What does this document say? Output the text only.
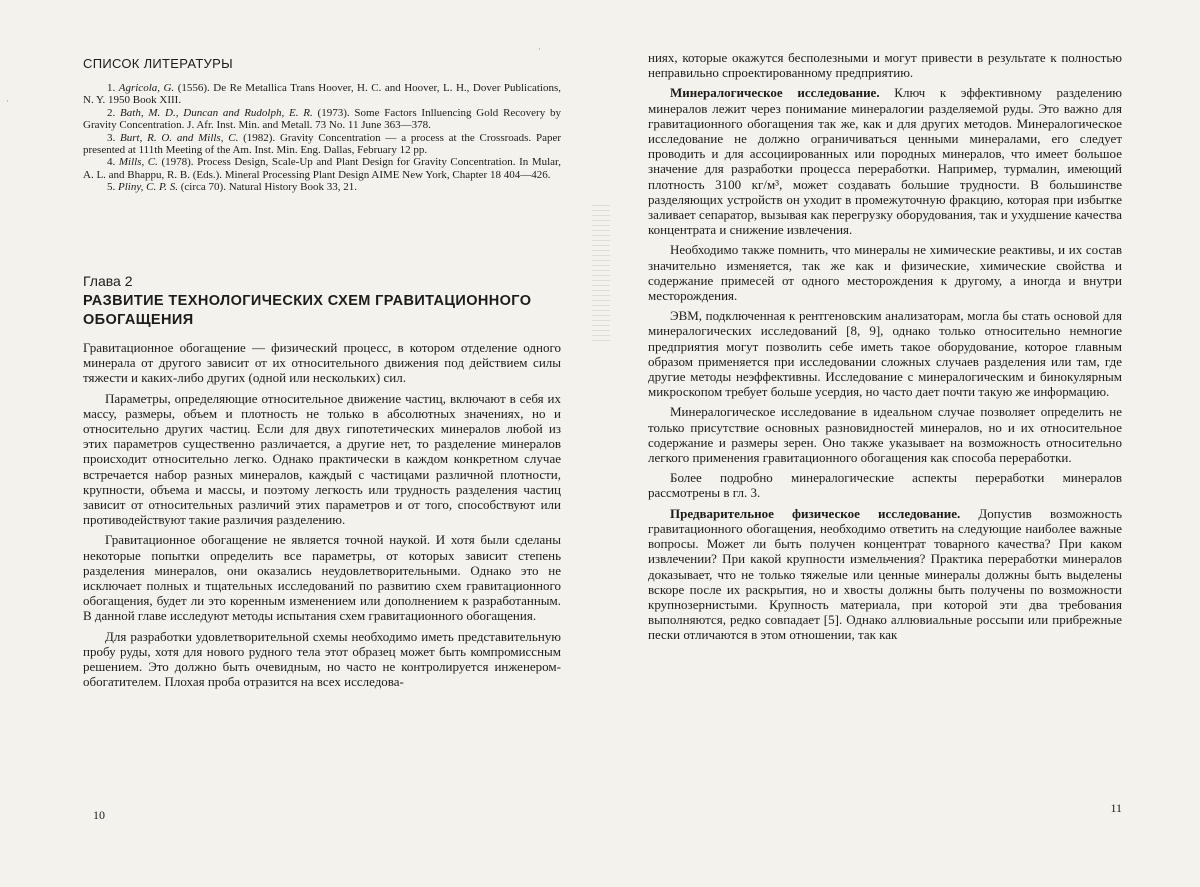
·
·
СПИСОК ЛИТЕРАТУРЫ

1. Agricola, G. (1556). De Re Metallica Trans Hoover, H. C. and Hoover, L. H., Dover Publications, N. Y. 1950 Book XIII.

2. Bath, M. D., Duncan and Rudolph, E. R. (1973). Some Factors Inlluencing Gold Recovery by Gravity Concentration. J. Afr. Inst. Min. and Metall. 73 No. 11 June 363—378.

3. Burt, R. O. and Mills, C. (1982). Gravity Concentration — a process at the Crossroads. Paper presented at 111th Meeting of the Am. Inst. Min. Eng. Dallas, February 12 pp.

4. Mills, C. (1978). Process Design, Scale-Up and Plant Design for Gravity Concentration. In Mular, A. L. and Bhappu, R. B. (Eds.). Mineral Processing Plant Design AIME New York, Chapter 18 404—426.

5. Pliny, C. P. S. (circa 70). Natural History Book 33, 21.

Глава 2
РАЗВИТИЕ ТЕХНОЛОГИЧЕСКИХ СХЕМ ГРАВИТАЦИОННОГО ОБОГАЩЕНИЯ

Гравитационное обогащение — физический процесс, в котором отделение одного минерала от другого зависит от их относительного движения под действием силы тяжести и каких-либо других (одной или нескольких) сил.

Параметры, определяющие относительное движение частиц, включают в себя их массу, размеры, объем и плотность не только в абсолютных значениях, но и относительно других частиц. Если для двух гипотетических минералов любой из этих параметров существенно различается, а другие нет, то разделение минералов происходит относительно легко. Однако практически в каждом конкретном случае встречается набор разных минералов, каждый с частицами различной плотности, крупности, объема и массы, и поэтому легкость или трудность разделения частиц зависит от относительных различий этих параметров и от того, способствуют или противодействуют такие различия разделению.

Гравитационное обогащение не является точной наукой. И хотя были сделаны некоторые попытки определить все параметры, от которых зависит степень разделения минералов, они оказались неудовлетворительными. Однако это не исключает полных и тщательных исследований по развитию схем гравитационного обогащения, будет ли это коренным изменением или дополнением к разработанным. В данной главе исследуют методы испытания схем гравитационного обогащения.

Для разработки удовлетворительной схемы необходимо иметь представительную пробу руды, хотя для нового рудного тела этот образец может быть компромиссным решением. Это должно быть очевидным, но часто не контролируется инженером-обогатителем. Плохая проба отразится на всех исследова-

10

ниях, которые окажутся бесполезными и могут привести в результате к полностью неправильно спроектированному предприятию.

Минералогическое исследование. Ключ к эффективному разделению минералов лежит через понимание минералогии разделяемой руды. Это важно для гравитационного обогащения так же, как и для других методов. Минералогическое исследование не должно ограничиваться ценными минералами, его следует проводить и для ассоциированных или породных минералов, что имеет большое значение для разработки процесса переработки. Например, турмалин, имеющий плотность 3100 кг/м³, может создавать большие трудности. В большинстве разделяющих устройств он уходит в промежуточную фракцию, которая при избытке заливает сепаратор, вызывая как перегрузку оборудования, так и ухудшение качества концентрата и снижение извлечения.

Необходимо также помнить, что минералы не химические реактивы, и их состав значительно изменяется, так же как и физические, химические свойства и содержание примесей от одного месторождения к другому, а иногда и внутри месторождения.

ЭВМ, подключенная к рентгеновским анализаторам, могла бы стать основой для минералогических исследований [8, 9], однако только относительно немногие предприятия могут позволить себе иметь такое оборудование, которое главным образом применяется при исследовании сложных случаев разделения или там, где другие методы неэффективны. Исследование с минералогическим и бинокулярным микроскопом требует больше усердия, но часто дает почти такую же информацию.

Минералогическое исследование в идеальном случае позволяет определить не только присутствие основных разновидностей минералов, но и их относительное содержание и размеры зерен. Оно также указывает на возможность относительно легкого применения гравитационного обогащения как способа переработки.

Более подробно минералогические аспекты переработки минералов рассмотрены в гл. 3.

Предварительное физическое исследование. Допустив возможность гравитационного обогащения, необходимо ответить на следующие наиболее важные вопросы. Может ли быть получен концентрат товарного качества? При каком извлечении? При какой крупности измельчения? Практика переработки минералов доказывает, что не только тяжелые или ценные минералы должны быть выделены вскоре после их раскрытия, но и хвосты должны быть получены по возможности крупнозернистыми. Крупность материала, при которой эти два требования выполняются, редко совпадает [5]. Однако аллювиальные россыпи или прибрежные пески отличаются в этом отношении, так как

11
